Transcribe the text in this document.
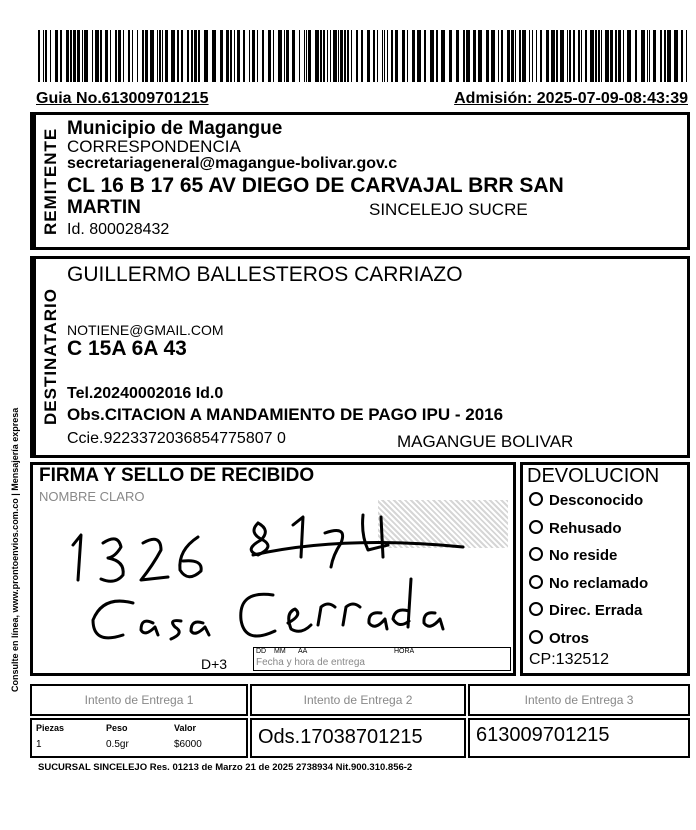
Guia No.613009701215	Admisión: 2025-07-09-08:43:39
REMITENTE Municipio de Magangue
CORRESPONDENCIA
secretariageneral@magangue-bolivar.gov.c
CL 16 B 17 65 AV DIEGO DE CARVAJAL BRR SAN
MARTIN	SINCELEJO SUCRE
Id. 800028432
DESTINATARIO
GUILLERMO BALLESTEROS CARRIAZO
NOTIENE@GMAIL.COM
C 15A 6A 43
Tel.20240002016 Id.0
Obs.CITACION A MANDAMIENTO DE PAGO IPU - 2016
Ccie.9223372036854775807 0	MAGANGUE BOLIVAR
FIRMA Y SELLO DE RECIBIDO
NOMBRE CLARO
D+3
DD MM AA	HORA
Fecha y hora de entrega
DEVOLUCION
Desconocido
Rehusado
No reside
No reclamado
Direc. Errada
Otros
CP:132512
Intento de Entrega 1	Intento de Entrega 2	Intento de Entrega 3
Piezas	Peso	Valor
1	0.5gr	$6000	Ods.17038701215	613009701215
SUCURSAL SINCELEJO Res. 01213 de Marzo 21 de 2025 2738934 Nit.900.310.856-2
Consulte en línea, www.prontoenvios.com.co | Mensajería expresa
